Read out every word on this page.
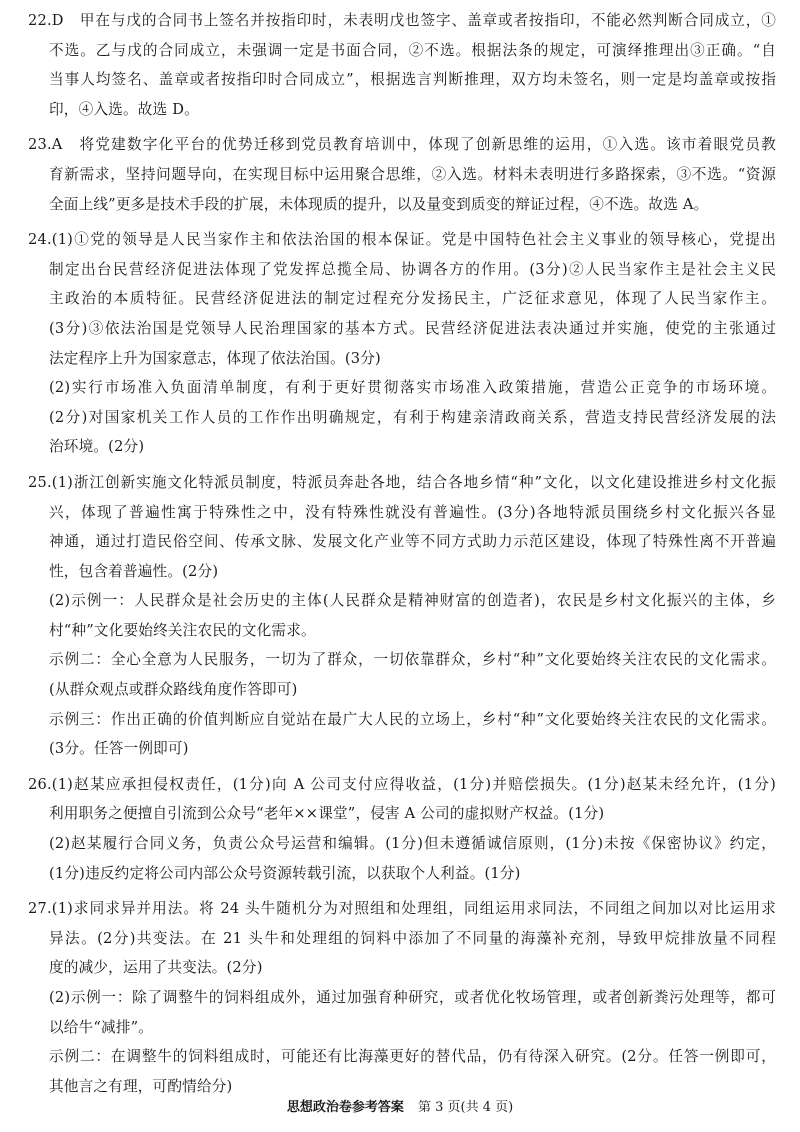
22.D　甲在与戊的合同书上签名并按指印时，未表明戊也签字、盖章或者按指印，不能必然判断合同成立，①
不选。乙与戊的合同成立，未强调一定是书面合同，②不选。根据法条的规定，可演绎推理出③正确。“自
当事人均签名、盖章或者按指印时合同成立”，根据选言判断推理，双方均未签名，则一定是均盖章或按指
印，④入选。故选 D。
23.A　将党建数字化平台的优势迁移到党员教育培训中，体现了创新思维的运用，①入选。该市着眼党员教
育新需求，坚持问题导向，在实现目标中运用聚合思维，②入选。材料未表明进行多路探索，③不选。“资源
全面上线”更多是技术手段的扩展，未体现质的提升，以及量变到质变的辩证过程，④不选。故选 A。
24.(1)①党的领导是人民当家作主和依法治国的根本保证。党是中国特色社会主义事业的领导核心，党提出
制定出台民营经济促进法体现了党发挥总揽全局、协调各方的作用。(3分)②人民当家作主是社会主义民
主政治的本质特征。民营经济促进法的制定过程充分发扬民主，广泛征求意见，体现了人民当家作主。
(3分)③依法治国是党领导人民治理国家的基本方式。民营经济促进法表决通过并实施，使党的主张通过
法定程序上升为国家意志，体现了依法治国。(3分)
(2)实行市场准入负面清单制度，有利于更好贯彻落实市场准入政策措施，营造公正竞争的市场环境。
(2分)对国家机关工作人员的工作作出明确规定，有利于构建亲清政商关系，营造支持民营经济发展的法
治环境。(2分)
25.(1)浙江创新实施文化特派员制度，特派员奔赴各地，结合各地乡情“种”文化，以文化建设推进乡村文化振
兴，体现了普遍性寓于特殊性之中，没有特殊性就没有普遍性。(3分)各地特派员围绕乡村文化振兴各显
神通，通过打造民俗空间、传承文脉、发展文化产业等不同方式助力示范区建设，体现了特殊性离不开普遍
性，包含着普遍性。(2分)
(2)示例一：人民群众是社会历史的主体(人民群众是精神财富的创造者)，农民是乡村文化振兴的主体，乡
村“种”文化要始终关注农民的文化需求。
示例二：全心全意为人民服务，一切为了群众，一切依靠群众，乡村“种”文化要始终关注农民的文化需求。
(从群众观点或群众路线角度作答即可)
示例三：作出正确的价值判断应自觉站在最广大人民的立场上，乡村“种”文化要始终关注农民的文化需求。
(3分。任答一例即可)
26.(1)赵某应承担侵权责任，(1分)向 A 公司支付应得收益，(1分)并赔偿损失。(1分)赵某未经允许，(1分)
利用职务之便擅自引流到公众号“老年××课堂”，侵害 A 公司的虚拟财产权益。(1分)
(2)赵某履行合同义务，负责公众号运营和编辑。(1分)但未遵循诚信原则，(1分)未按《保密协议》约定，
(1分)违反约定将公司内部公众号资源转载引流，以获取个人利益。(1分)
27.(1)求同求异并用法。将 24 头牛随机分为对照组和处理组，同组运用求同法，不同组之间加以对比运用求
异法。(2分)共变法。在 21 头牛和处理组的饲料中添加了不同量的海藻补充剂，导致甲烷排放量不同程
度的减少，运用了共变法。(2分)
(2)示例一：除了调整牛的饲料组成外，通过加强育种研究，或者优化牧场管理，或者创新粪污处理等，都可
以给牛“减排”。
示例二：在调整牛的饲料组成时，可能还有比海藻更好的替代品，仍有待深入研究。(2分。任答一例即可，
其他言之有理，可酌情给分)
思想政治卷参考答案 第 3 页(共 4 页)
